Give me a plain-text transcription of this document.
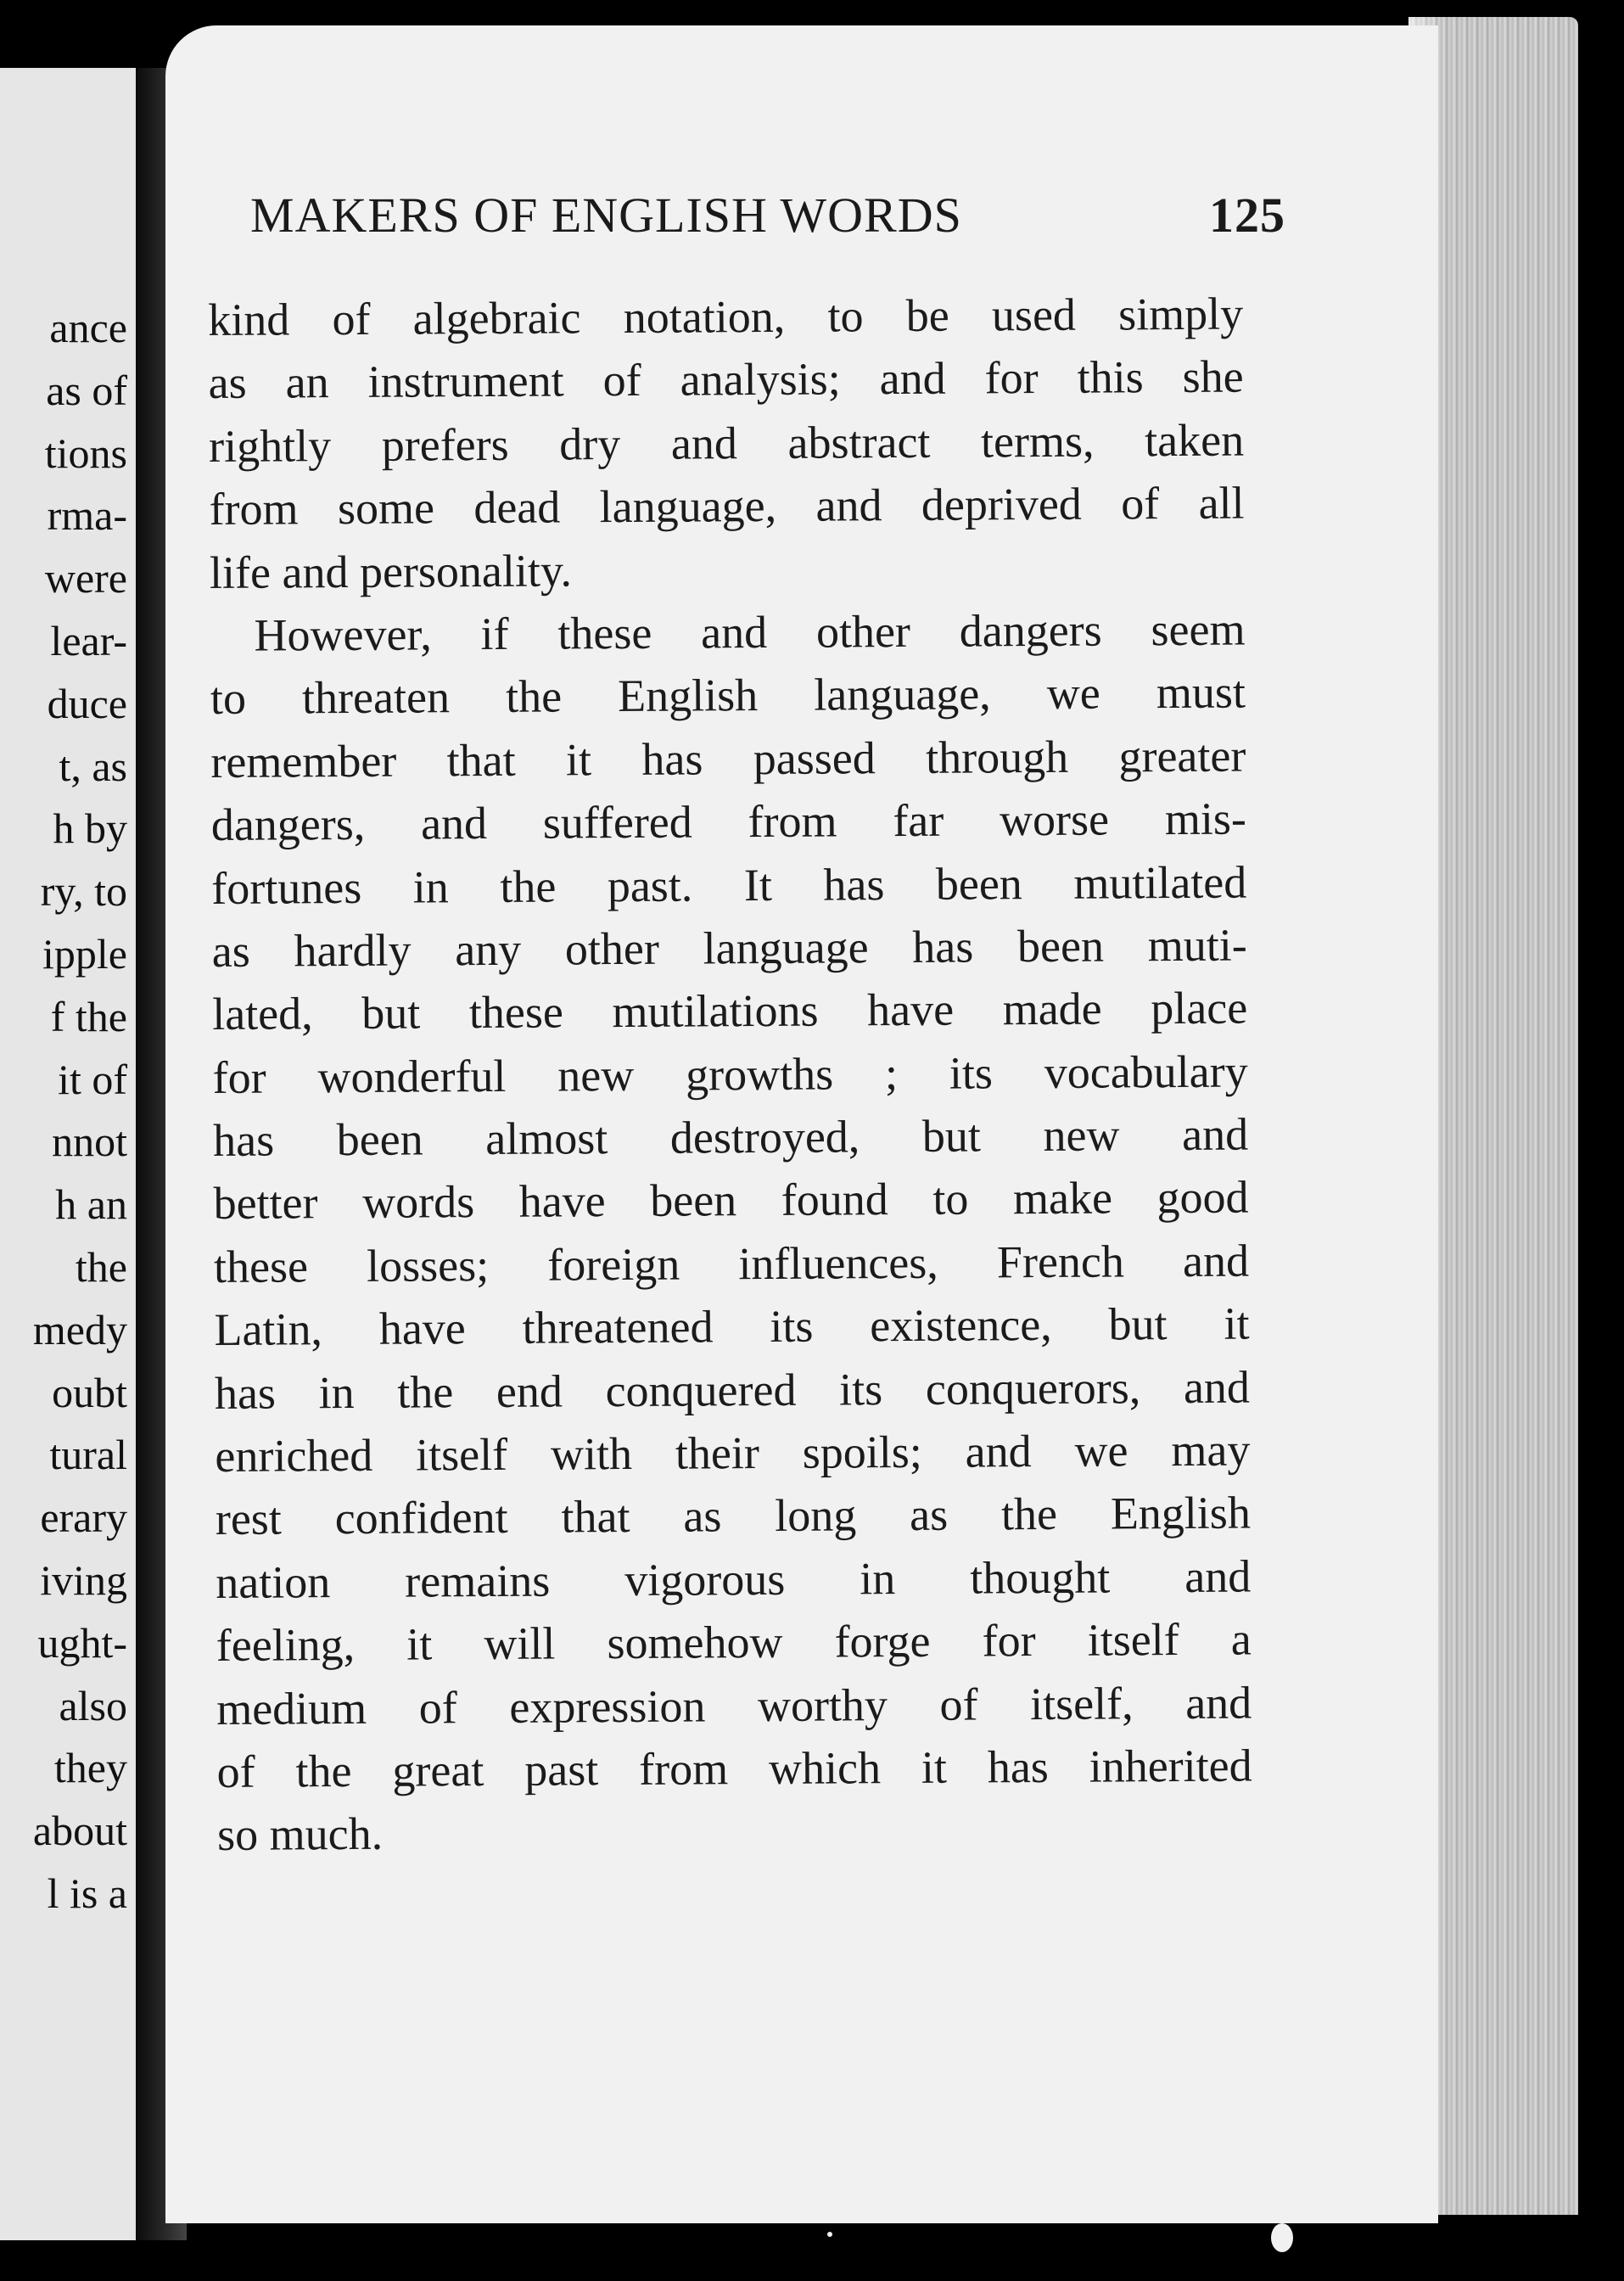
ance
as of
tions
rma-
were
lear-
duce
t, as
h by
ry, to
ipple
f the
it of
nnot
h an
the
medy
oubt
tural
erary
iving
ught-
also
they
about
l is a
MAKERS OF ENGLISH WORDS	125
kind of algebraic notation, to be used simply
as an instrument of analysis; and for this she
rightly prefers dry and abstract terms, taken
from some dead language, and deprived of all
life and personality.
However, if these and other dangers seem
to threaten the English language, we must
remember that it has passed through greater
dangers, and suffered from far worse mis-
fortunes in the past. It has been mutilated
as hardly any other language has been muti-
lated, but these mutilations have made place
for wonderful new growths ; its vocabulary
has been almost destroyed, but new and
better words have been found to make good
these losses; foreign influences, French and
Latin, have threatened its existence, but it
has in the end conquered its conquerors, and
enriched itself with their spoils; and we may
rest confident that as long as the English
nation remains vigorous in thought and
feeling, it will somehow forge for itself a
medium of expression worthy of itself, and
of the great past from which it has inherited
so much.
